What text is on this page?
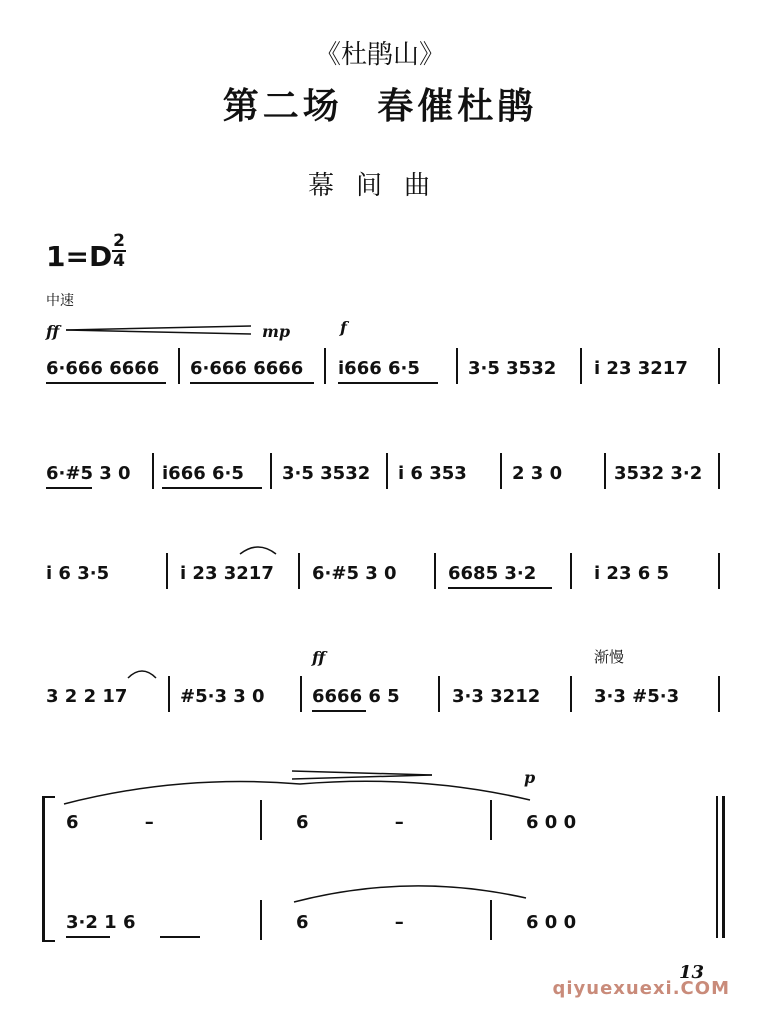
《杜鹃山》
第二场 春催杜鹃
幕间曲
1=D 2
4
中速
ff	mp	f
6·666 6666 6·666 6666 i666 6·5	3·5 3532 i 23 3217
6·#5 3 0 i666 6·5 3·5 3532 i 6 353	2 3 0	3532 3·2
i 6 3·5	i 23 3217 6·#5 3 0	6685 3·2	i 23 6 5
ff	渐慢
3 2 2 17	#5·3 3 0	6666 6 5	3·3 3212	3·3 #5·3
p
6 –	6 –	6 0 0
3·2 1 6	6 –	6 0 0
13
qiyuexuexi.COM
